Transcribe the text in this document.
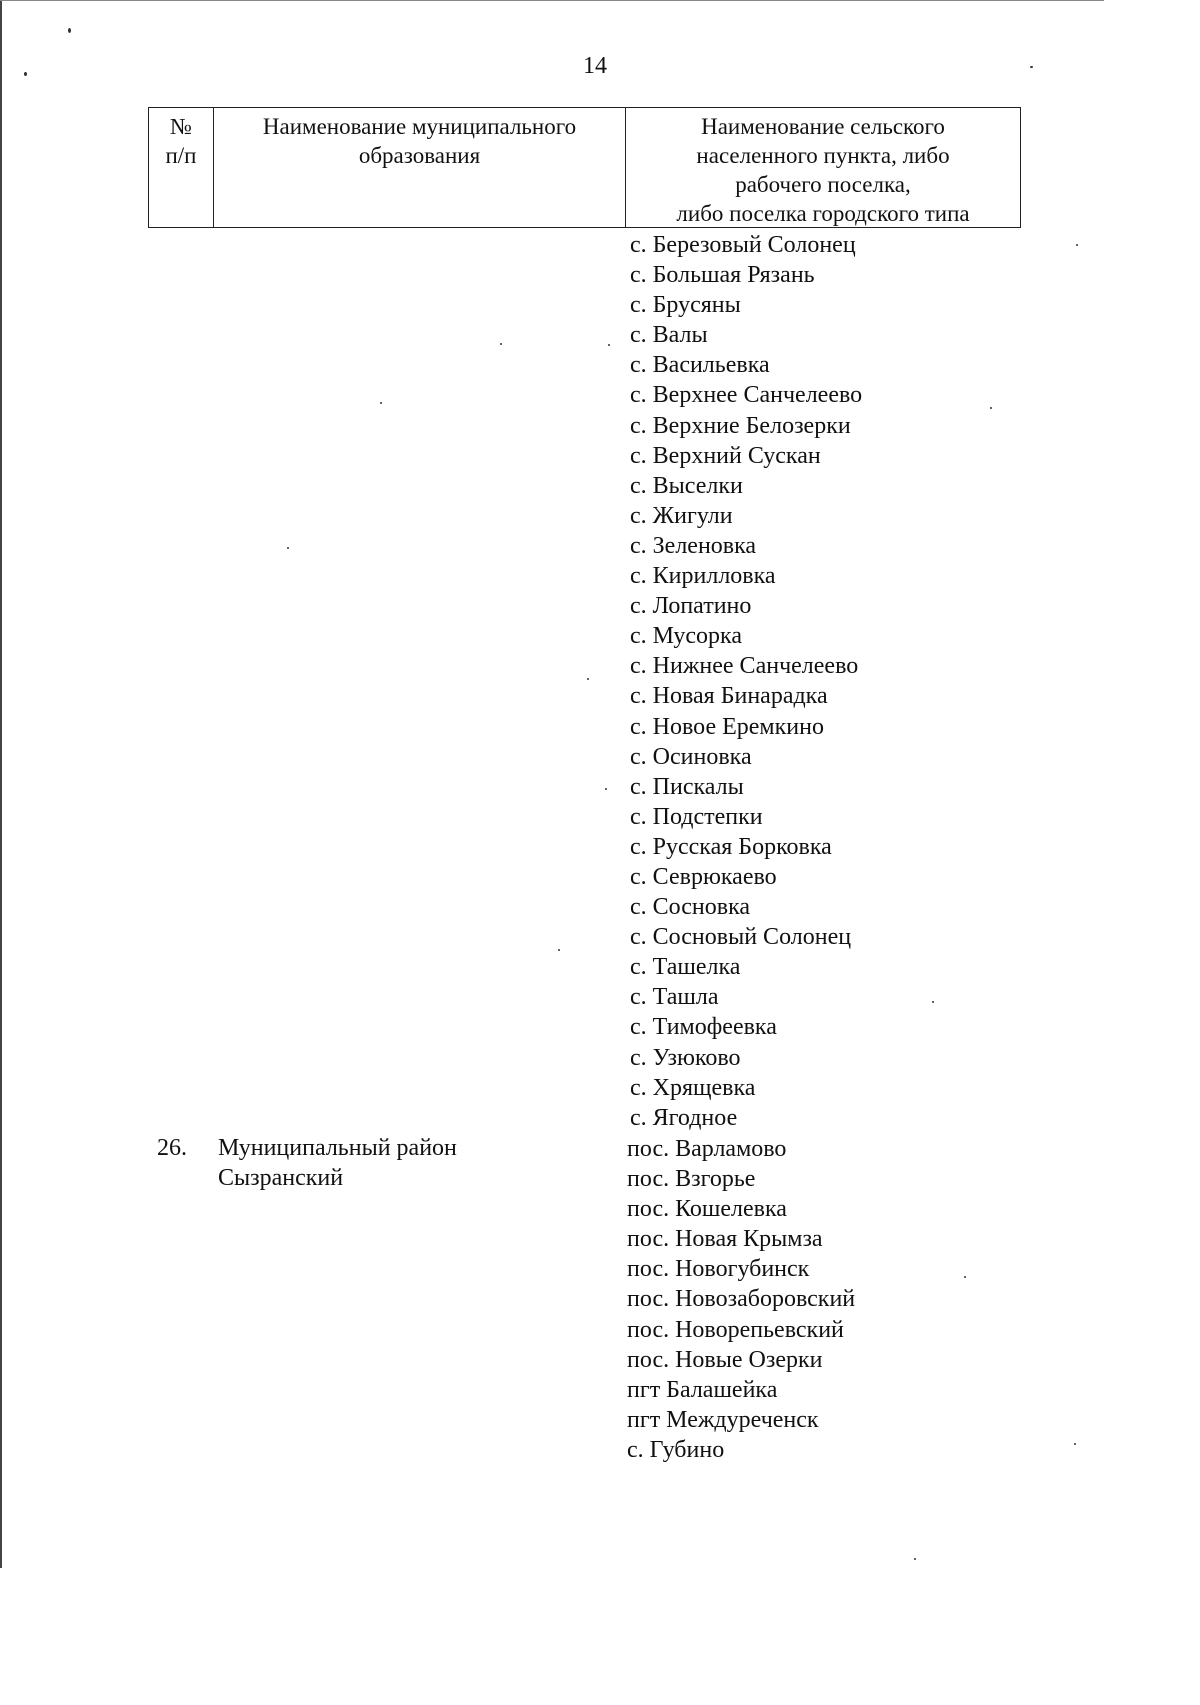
14
№
п/п
Наименование муниципального
образования
Наименование сельского
населенного пункта, либо
рабочего поселка,
либо поселка городского типа
с. Березовый Солонец
с. Большая Рязань
с. Брусяны
с. Валы
с. Васильевка
с. Верхнее Санчелеево
с. Верхние Белозерки
с. Верхний Сускан
с. Выселки
с. Жигули
с. Зеленовка
с. Кирилловка
с. Лопатино
с. Мусорка
с. Нижнее Санчелеево
с. Новая Бинарадка
с. Новое Еремкино
с. Осиновка
с. Пискалы
с. Подстепки
с. Русская Борковка
с. Севрюкаево
с. Сосновка
с. Сосновый Солонец
с. Ташелка
с. Ташла
с. Тимофеевка
с. Узюково
с. Хрящевка
с. Ягодное
26. Муниципальный район
Сызранский
пос. Варламово
пос. Взгорье
пос. Кошелевка
пос. Новая Крымза
пос. Новогубинск
пос. Новозаборовский
пос. Новорепьевский
пос. Новые Озерки
пгт Балашейка
пгт Междуреченск
с. Губино
